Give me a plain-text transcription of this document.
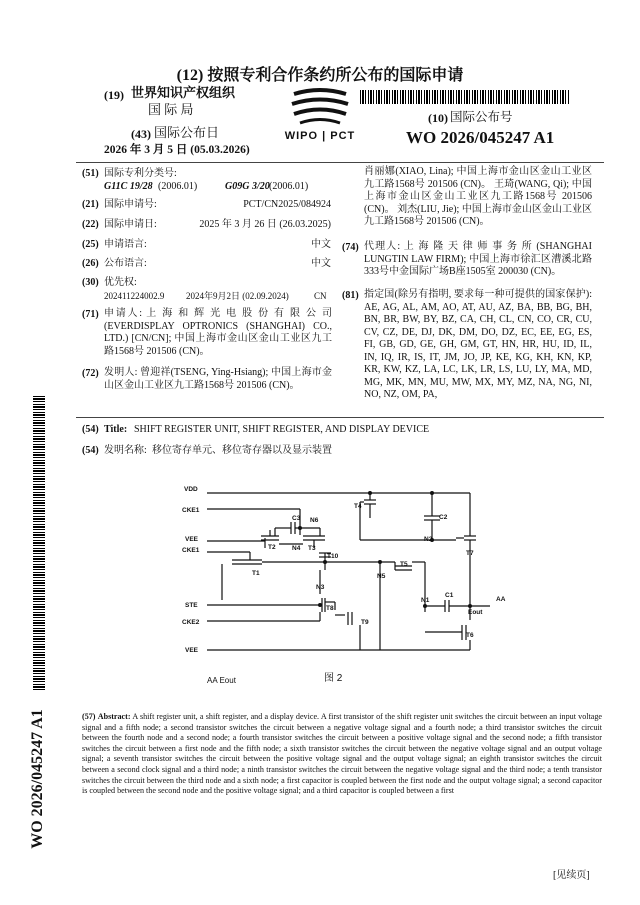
(12) 按照专利合作条约所公布的国际申请
(19) 世界知识产权组织
国 际 局
(43) 国际公布日
2026 年 3 月 5 日 (05.03.2026)
WIPO | PCT
(10) 国际公布号
WO 2026/045247 A1
(51) 国际专利分类号:
G11C 19/28 (2006.01)	G09G 3/20 (2006.01)
(21) 国际申请号:	PCT/CN2025/084924
(22) 国际申请日:	2025 年 3 月 26 日 (26.03.2025)
(25) 申请语言:	中文
(26) 公布语言:	中文
(30) 优先权:
202411224002.9 2024年9月2日 (02.09.2024)	CN
(71) 申请人: 上 海 和 辉 光 电 股 份 有 限 公 司(EVERDISPLAY OPTRONICS (SHANGHAI) CO., LTD.) [CN/CN]; 中国上海市金山区金山工业区九工路1568号 201506 (CN)。
(72) 发明人: 曾迎祥(TSENG, Ying-Hsiang); 中国上海市金山区金山工业区九工路1568号 201506 (CN)。
肖丽娜(XIAO, Lina); 中国上海市金山区金山工业区九工路1568号 201506 (CN)。 王琦(WANG, Qi); 中国上海市金山区金山工业区九工路1568号 201506 (CN)。 刘杰(LIU, Jie); 中国上海市金山区金山工业区九工路1568号 201506 (CN)。
(74) 代理人: 上 海 隆 天 律 师 事 务 所 (SHANGHAI LUNGTIN LAW FIRM); 中国上海市徐汇区漕溪北路333号中金国际广场B座1505室 200030 (CN)。
(81) 指定国(除另有指明, 要求每一种可提供的国家保护): AE, AG, AL, AM, AO, AT, AU, AZ, BA, BB, BG, BH, BN, BR, BW, BY, BZ, CA, CH, CL, CN, CO, CR, CU, CV, CZ, DE, DJ, DK, DM, DO, DZ, EC, EE, EG, ES, FI, GB, GD, GE, GH, GM, GT, HN, HR, HU, ID, IL, IN, IQ, IR, IS, IT, JM, JO, JP, KE, KG, KH, KN, KP, KR, KW, KZ, LA, LC, LK, LR, LS, LU, LY, MA, MD, MG, MK, MN, MU, MW, MX, MY, MZ, NA, NG, NI, NO, NZ, OM, PA,
(54) Title: SHIFT REGISTER UNIT, SHIFT REGISTER, AND DISPLAY DEVICE
(54) 发明名称: 移位寄存单元、移位寄存器以及显示装置
VDD
CKE1
VEE
CKE1
STE
CKE2
VEE
T1
T2	T3
T4
T5
T6
T7
T8
T9
T10
C1
C2
C3
N1
N2
N3
N4
N5
N6
Eout
AA
AA Eout	图 2
(57) Abstract: A shift register unit, a shift register, and a display device. A first transistor of the shift register unit switches the circuit between an input voltage signal and a fifth node; a second transistor switches the circuit between a negative voltage signal and a fourth node; a third transistor switches the circuit between the fourth node and a second node; a fourth transistor switches the circuit between a positive voltage signal and the second node; a fifth transistor switches the circuit between a first node and the fifth node; a sixth transistor switches the circuit between the negative voltage signal and an output voltage signal; a seventh transistor switches the circuit between the positive voltage signal and the output voltage signal; an eighth transistor switches the circuit between a second clock signal and a third node; a ninth transistor switches the circuit between the negative voltage signal and the third node; a tenth transistor switches the circuit between the third node and a sixth node; a first capacitor is coupled between the first node and the output voltage signal; a second capacitor is coupled between the second node and the positive voltage signal; and a third capacitor is coupled between a first
WO 2026/045247 A1
[见续页]
